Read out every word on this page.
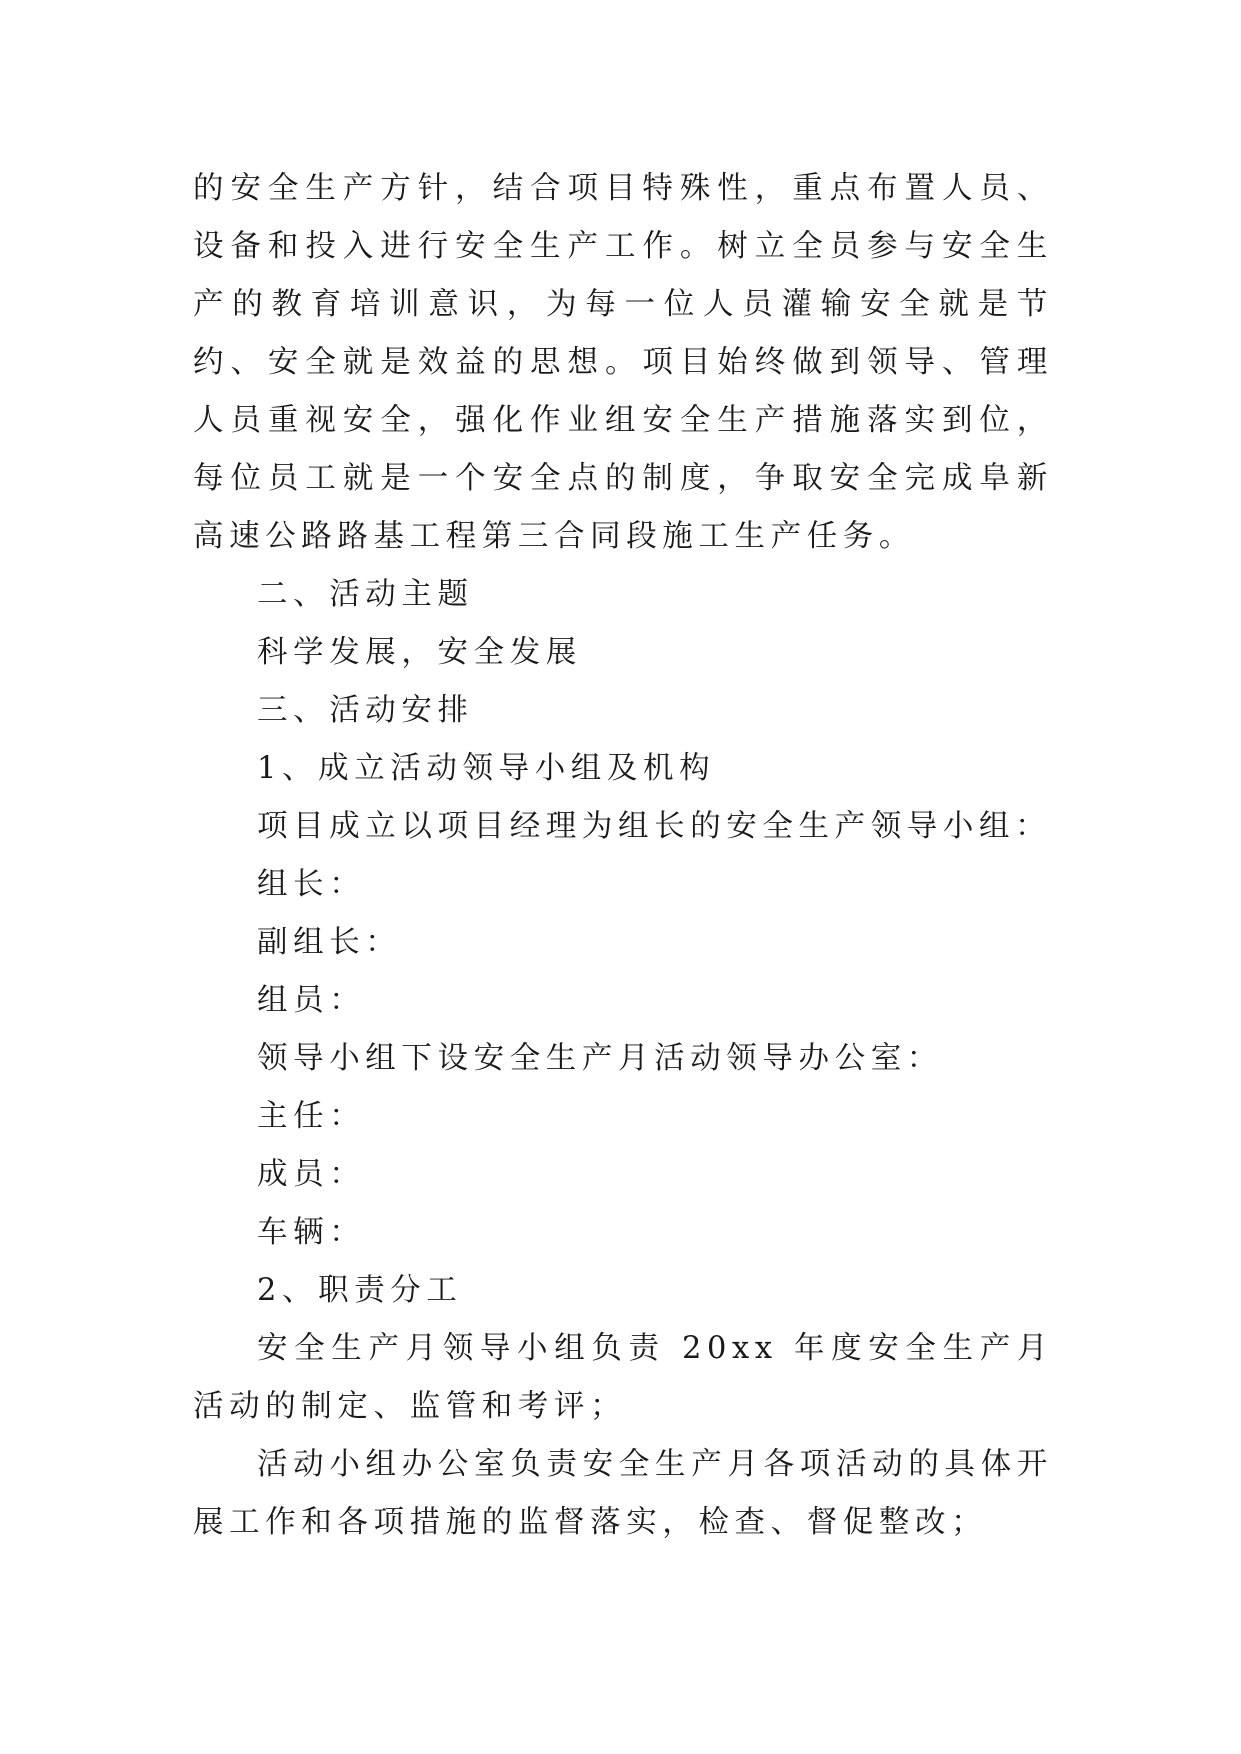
的安全生产方针，结合项目特殊性，重点布置人员、设备和投入进行安全生产工作。树立全员参与安全生产的教育培训意识，为每一位人员灌输安全就是节约、安全就是效益的思想。项目始终做到领导、管理人员重视安全，强化作业组安全生产措施落实到位，每位员工就是一个安全点的制度，争取安全完成阜新高速公路路基工程第三合同段施工生产任务。

二、活动主题

科学发展，安全发展

三、活动安排

1、成立活动领导小组及机构

项目成立以项目经理为组长的安全生产领导小组：

组长：

副组长：

组员：

领导小组下设安全生产月活动领导办公室：

主任：

成员：

车辆：

2、职责分工

安全生产月领导小组负责 20xx 年度安全生产月活动的制定、监管和考评；

活动小组办公室负责安全生产月各项活动的具体开展工作和各项措施的监督落实，检查、督促整改；
